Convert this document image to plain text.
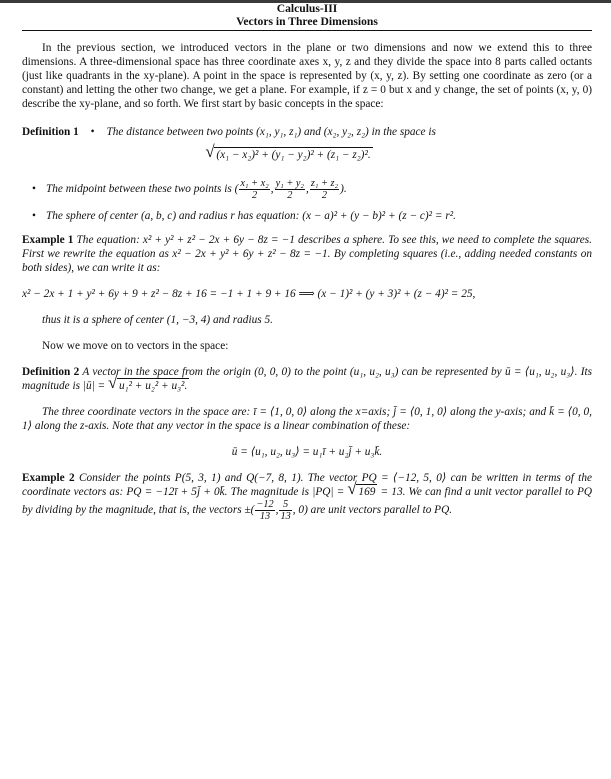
Calculus-III
Vectors in Three Dimensions

In the previous section, we introduced vectors in the plane or two dimensions and now we extend this to three dimensions. A three-dimensional space has three coordinate axes x, y, z and they divide the space into 8 parts called octants (just like quadrants in the xy-plane). A point in the space is represented by (x, y, z). By setting one coordinate as zero (or a constant) and letting the other two change, we get a plane. For example, if z = 0 but x and y change, the set of points (x, y, 0) describe the xy-plane, and so forth. We first start by basic concepts in the space:

Definition 1 • The distance between two points (x₁, y₁, z₁) and (x₂, y₂, z₂) in the space is
√ (x₁ − x₂)² + (y₁ − y₂)² + (z₁ − z₂)².
• The midpoint between these two points is ( $\frac{\text{x₁ + x₂}}{2}$ , $\frac{\text{y₁ + y₂}}{2}$ , $\frac{\text{z₁ + z₂}}{2}$ ).
• The sphere of center (a, b, c) and radius r has equation: (x − a)² + (y − b)² + (z − c)² = r².

Example 1 The equation: x² + y² + z² − 2x + 6y − 8z = −1 describes a sphere. To see this, we need to complete the squares. First we rewrite the equation as x² − 2x + y² + 6y + z² − 8z = −1. By completing squares (i.e., adding needed constants on both sides), we can write it as:

x² − 2x + 1 + y² + 6y + 9 + z² − 8z + 16 = −1 + 1 + 9 + 16 ⟹ (x − 1)² + (y + 3)² + (z − 4)² = 25,

thus it is a sphere of center (1, −3, 4) and radius 5.

Now we move on to vectors in the space:

Definition 2 A vector in the space from the origin (0, 0, 0) to the point (u₁, u₂, u₃) can be represented by ū = ⟨u₁, u₂, u₃⟩. Its magnitude is |ū| = √ u₁² + u₂² + u₃².

The three coordinate vectors in the space are: ī = ⟨1, 0, 0⟩ along the x=axis; j̄ = ⟨0, 1, 0⟩ along the y-axis; and k̄ = ⟨0, 0, 1⟩ along the z-axis. Note that any vector in the space is a linear combination of these:

ū = ⟨u₁, u₂, u₃⟩ = u₁ī + u₂j̄ + u₃k̄.

Example 2 Consider the points P(5, 3, 1) and Q(−7, 8, 1). The vector PQ = ⟨−12, 5, 0⟩ can be written in terms of the coordinate vectors as: PQ = −12ī + 5j̄ + 0k̄. The magnitude is |PQ| = √ 169 = 13. We can find a unit vector parallel to PQ by dividing by the magnitude, that is, the vectors ±( $\frac{-12}{13}$ , $\frac{5}{13}$ , 0) are unit vectors parallel to PQ.
